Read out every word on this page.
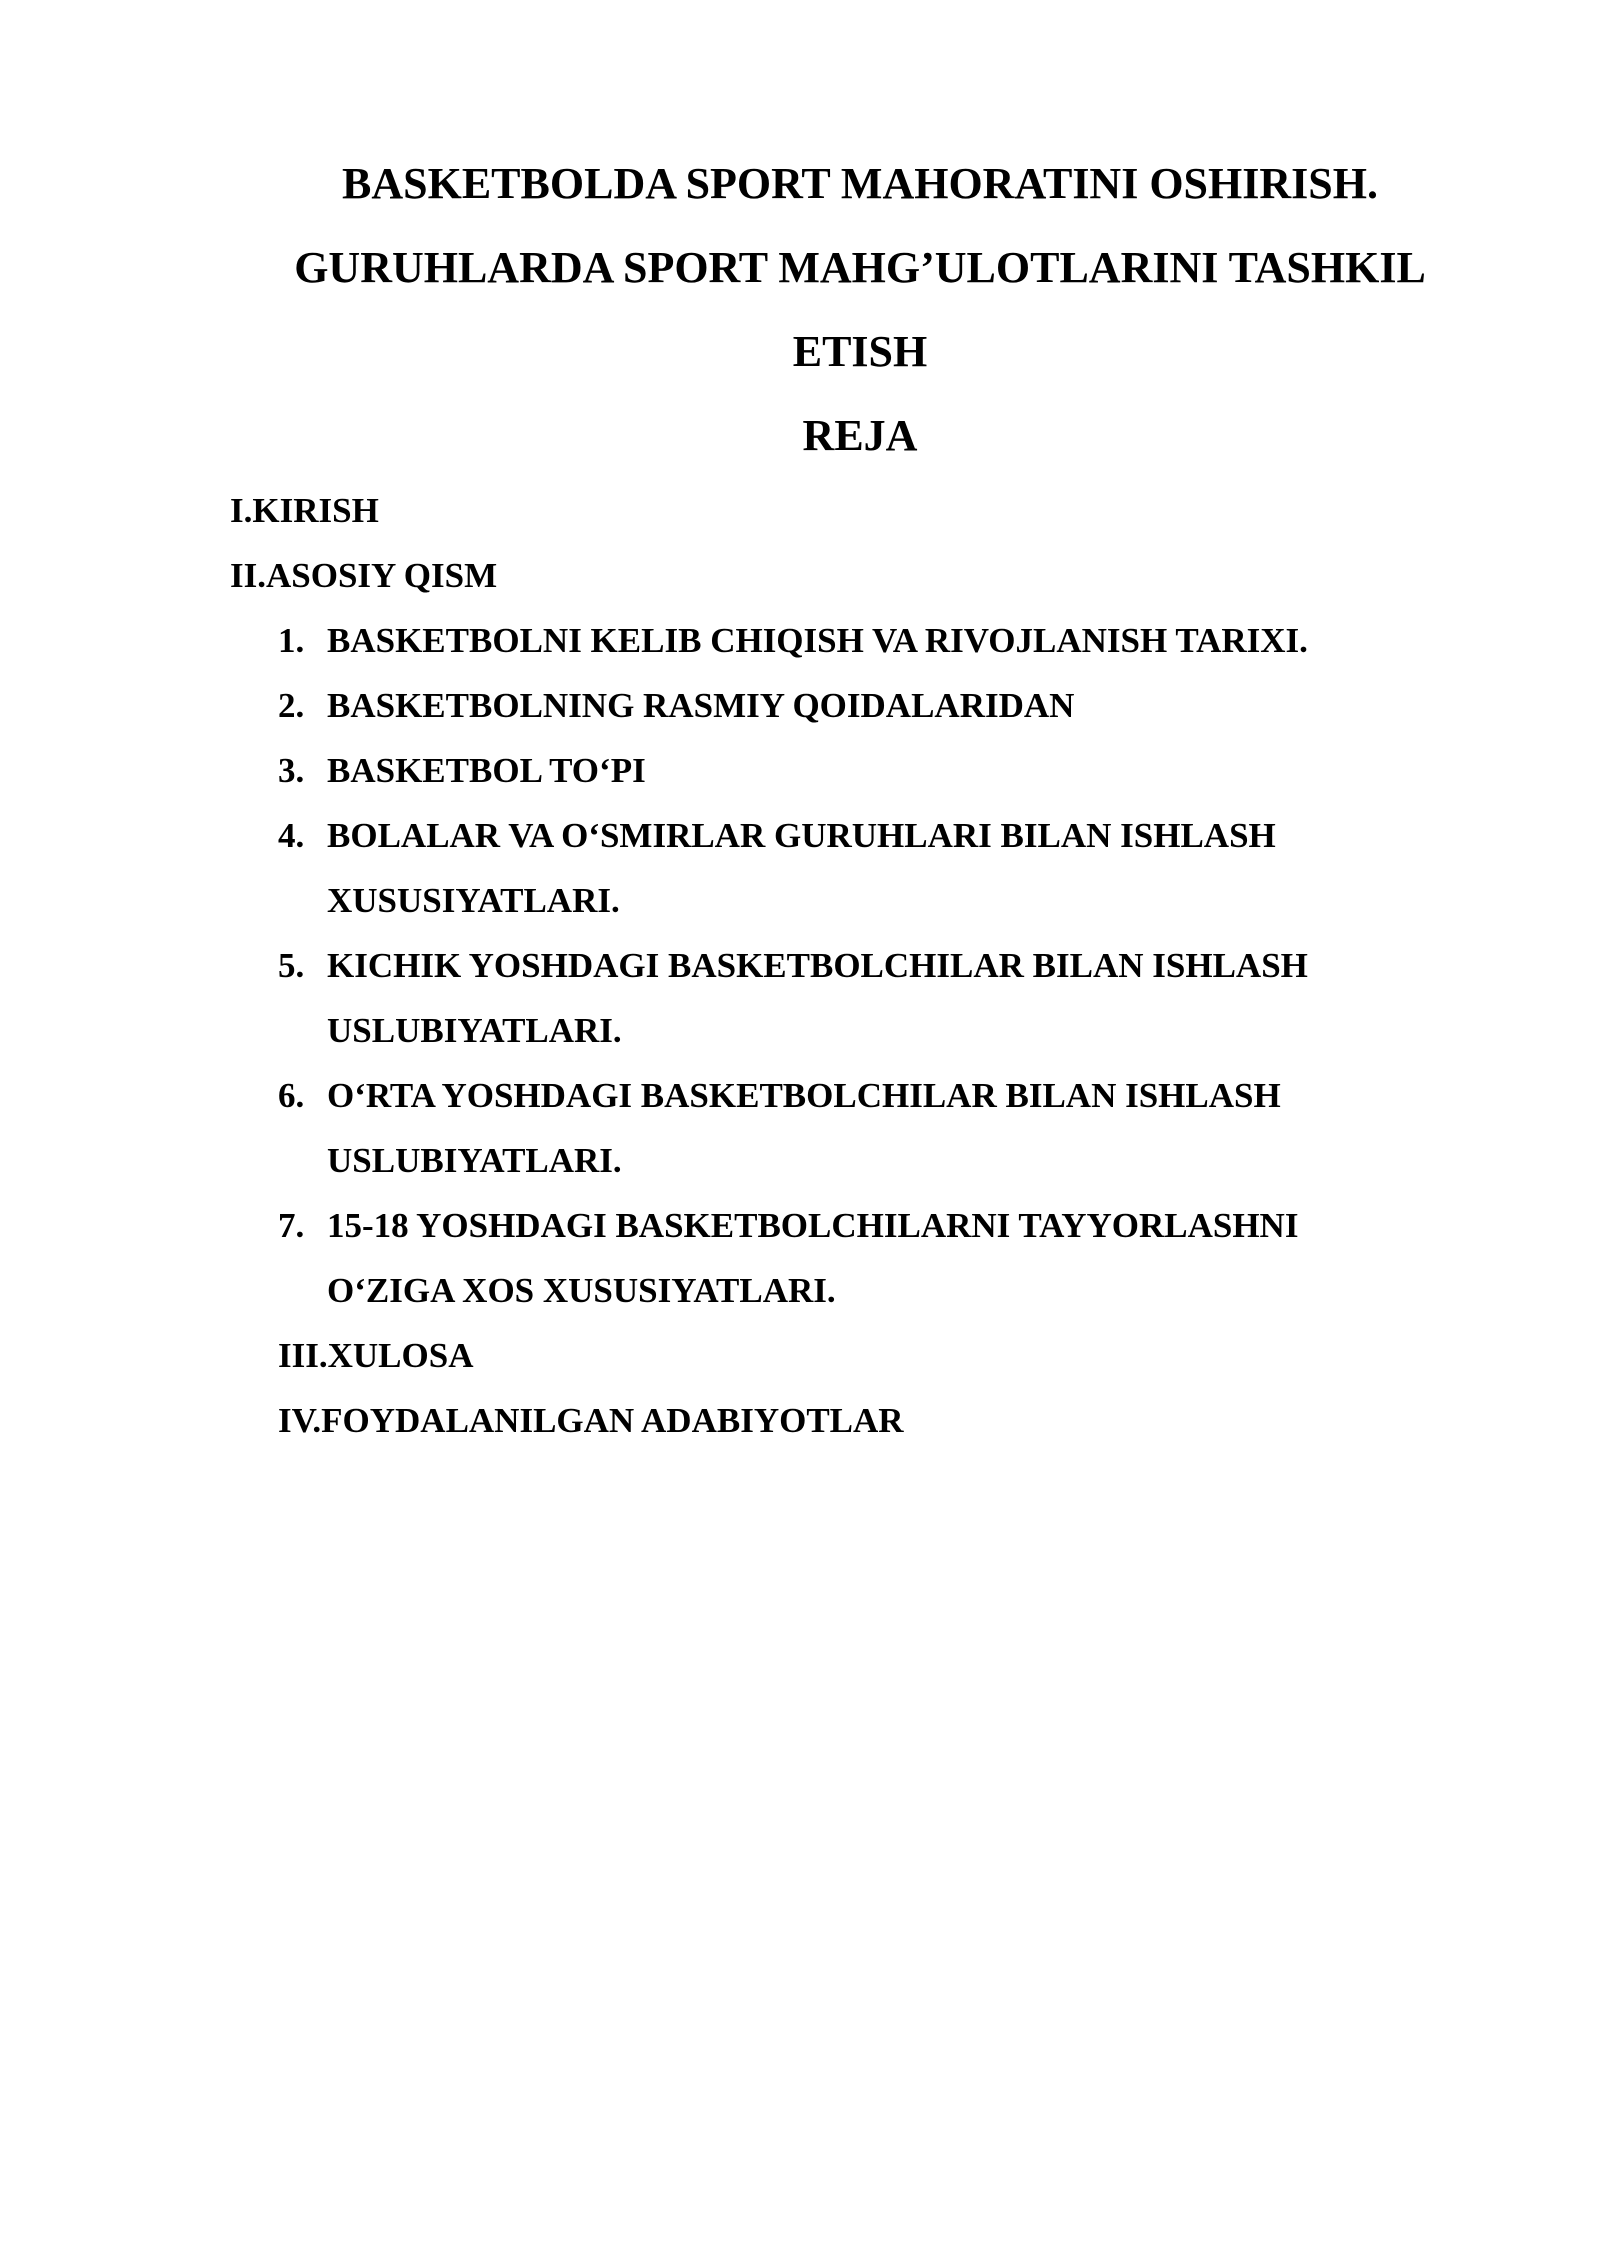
BASKETBOLDA SPORT MAHORATINI OSHIRISH.
GURUHLARDA SPORT MAHG’ULOTLARINI TASHKIL
ETISH
REJA
I.KIRISH
II.ASOSIY QISM
1. BASKETBOLNI KELIB CHIQISH VA RIVOJLANISH TARIXI.
2. BASKETBOLNING RASMIY QOIDALARIDAN
3. BASKETBOL TO‘PI
4. BOLALAR VA O‘SMIRLAR GURUHLARI BILAN ISHLASH
XUSUSIYATLARI.
5. KICHIK YOSHDAGI BASKETBOLCHILAR BILAN ISHLASH
USLUBIYATLARI.
6. O‘RTA YOSHDAGI BASKETBOLCHILAR BILAN ISHLASH
USLUBIYATLARI.
7. 15-18 YOSHDAGI BASKETBOLCHILARNI TAYYORLASHNI
O‘ZIGA XOS XUSUSIYATLARI.
III.XULOSA
IV.FOYDALANILGAN ADABIYOTLAR
